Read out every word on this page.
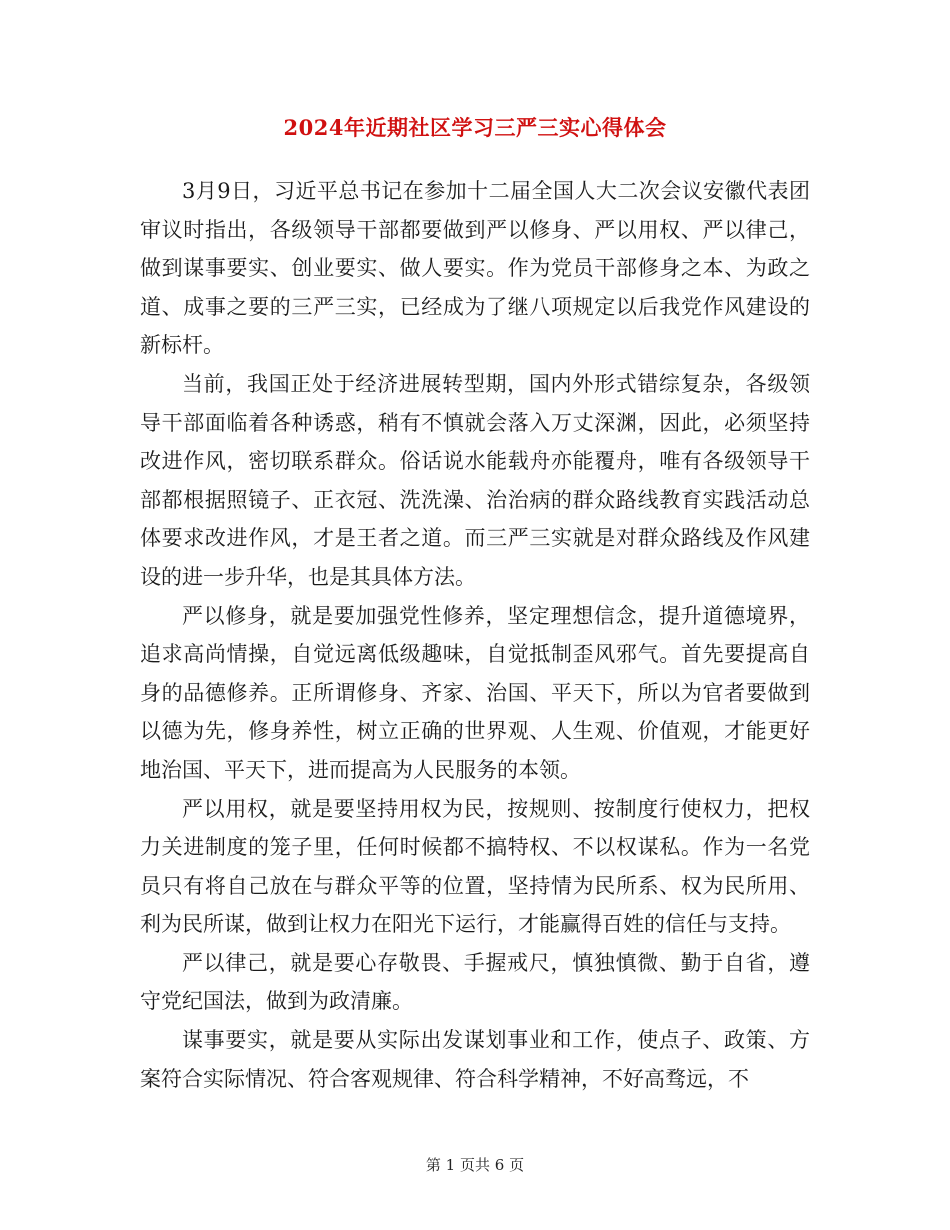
2024年近期社区学习三严三实心得体会

3月9日，习近平总书记在参加十二届全国人大二次会议安徽代表团审议时指出，各级领导干部都要做到严以修身、严以用权、严以律己，做到谋事要实、创业要实、做人要实。作为党员干部修身之本、为政之道、成事之要的三严三实，已经成为了继八项规定以后我党作风建设的新标杆。

当前，我国正处于经济进展转型期，国内外形式错综复杂，各级领导干部面临着各种诱惑，稍有不慎就会落入万丈深渊，因此，必须坚持改进作风，密切联系群众。俗话说水能载舟亦能覆舟，唯有各级领导干部都根据照镜子、正衣冠、洗洗澡、治治病的群众路线教育实践活动总体要求改进作风，才是王者之道。而三严三实就是对群众路线及作风建设的进一步升华，也是其具体方法。

严以修身，就是要加强党性修养，坚定理想信念，提升道德境界，追求高尚情操，自觉远离低级趣味，自觉抵制歪风邪气。首先要提高自身的品德修养。正所谓修身、齐家、治国、平天下，所以为官者要做到以德为先，修身养性，树立正确的世界观、人生观、价值观，才能更好地治国、平天下，进而提高为人民服务的本领。

严以用权，就是要坚持用权为民，按规则、按制度行使权力，把权力关进制度的笼子里，任何时候都不搞特权、不以权谋私。作为一名党员只有将自己放在与群众平等的位置，坚持情为民所系、权为民所用、利为民所谋，做到让权力在阳光下运行，才能赢得百姓的信任与支持。

严以律己，就是要心存敬畏、手握戒尺，慎独慎微、勤于自省，遵守党纪国法，做到为政清廉。

谋事要实，就是要从实际出发谋划事业和工作，使点子、政策、方案符合实际情况、符合客观规律、符合科学精神，不好高骛远，不

第 1 页共 6 页
